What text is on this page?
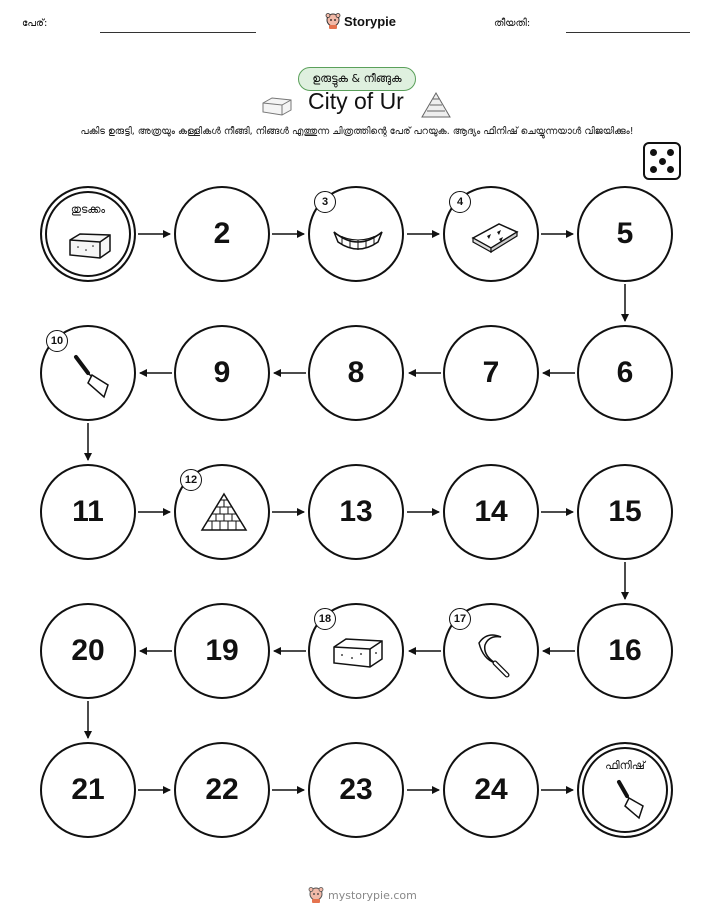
പേര്:	Storypie	തീയതി:
ഉരുട്ടുക & നീങ്ങുക
City of Ur
പകിട ഉരുട്ടി, അത്രയും കള്ളികൾ നീങ്ങി, നിങ്ങൾ എത്തുന്ന ചിത്രത്തിന്റെ പേര് പറയുക. ആദ്യം ഫിനിഷ് ചെയ്യുന്നയാൾ വിജയിക്കും!
തുടക്കം
2
3	4
5
6
7
8
9
10
11
12
13	14	15
16
17
18
19
20
21	22	23	24
ഫിനിഷ്
mystorypie.com
